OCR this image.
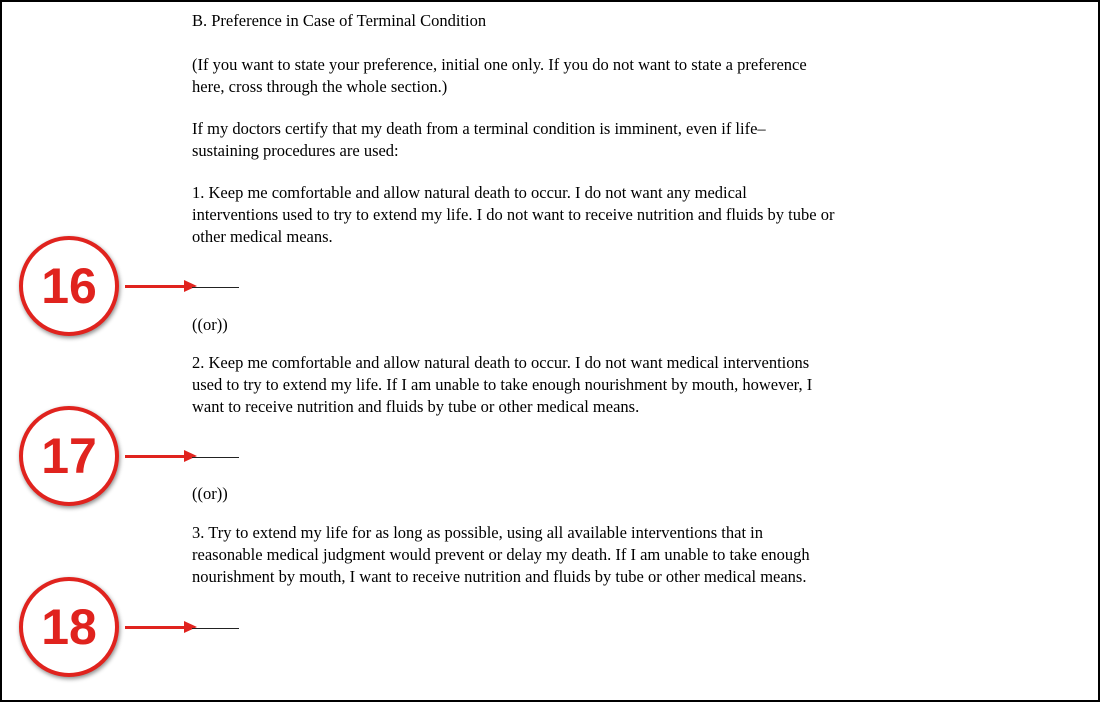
B. Preference in Case of Terminal Condition
(If you want to state your preference, initial one only. If you do not want to state a preference
here, cross through the whole section.)
If my doctors certify that my death from a terminal condition is imminent, even if life–
sustaining procedures are used:
1. Keep me comfortable and allow natural death to occur. I do not want any medical
interventions used to try to extend my life. I do not want to receive nutrition and fluids by tube or
other medical means.
16
((or))
2. Keep me comfortable and allow natural death to occur. I do not want medical interventions
used to try to extend my life. If I am unable to take enough nourishment by mouth, however, I
want to receive nutrition and fluids by tube or other medical means.
17
((or))
3. Try to extend my life for as long as possible, using all available interventions that in
reasonable medical judgment would prevent or delay my death. If I am unable to take enough
nourishment by mouth, I want to receive nutrition and fluids by tube or other medical means.
18
